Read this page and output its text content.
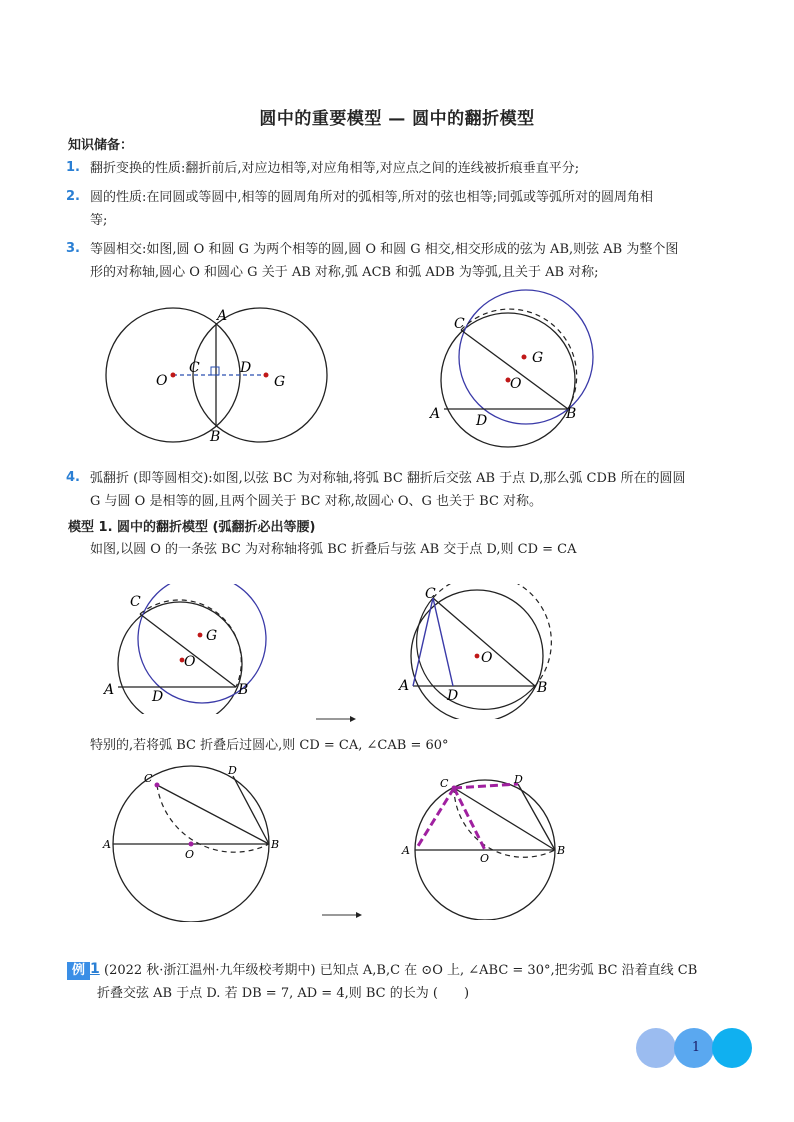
圆中的重要模型 — 圆中的翻折模型
知识储备：
1. 翻折变换的性质:翻折前后,对应边相等,对应角相等,对应点之间的连线被折痕垂直平分;
2. 圆的性质:在同圆或等圆中,相等的圆周角所对的弧相等,所对的弦也相等;同弧或等弧所对的圆周角相
等;
3. 等圆相交:如图,圆 O 和圆 G 为两个相等的圆,圆 O 和圆 G 相交,相交形成的弦为 AB,则弦 AB 为整个图
形的对称轴,圆心 O 和圆心 G 关于 AB 对称,弧 ACB 和弧 ADB 为等弧,且关于 AB 对称;
A
B
C	D
O	G
C
G
O
A	D	B
4. 弧翻折 (即等圆相交):如图,以弦 BC 为对称轴,将弧 BC 翻折后交弦 AB 于点 D,那么弧 CDB 所在的圆圆
G 与圆 O 是相等的圆,且两个圆关于 BC 对称,故圆心 O、G 也关于 BC 对称。
模型 1. 圆中的翻折模型 (弧翻折必出等腰)
如图,以圆 O 的一条弦 BC 为对称轴将弧 BC 折叠后与弦 AB 交于点 D,则 CD = CA
C
G
O
A	D	B
C
O
A
D	B
特别的,若将弧 BC 折叠后过圆心,则 CD = CA, ∠CAB = 60°
C
D
A
O
B
C	D
A
O
B
例 1 (2022 秋·浙江温州·九年级校考期中) 已知点 A,B,C 在 ⊙O 上, ∠ABC = 30°,把劣弧 BC 沿着直线 CB
折叠交弦 AB 于点 D. 若 DB = 7, AD = 4,则 BC 的长为 (　　)
1
